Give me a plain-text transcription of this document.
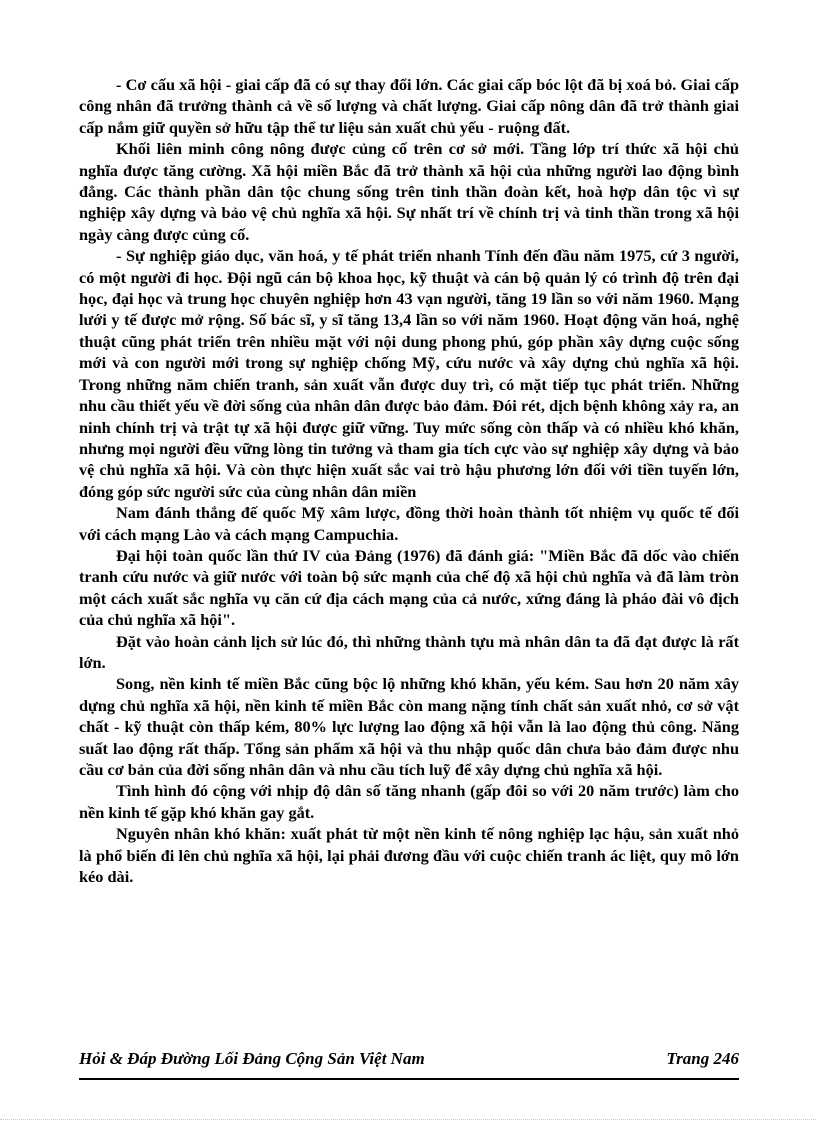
- Cơ cấu xã hội - giai cấp đã có sự thay đổi lớn. Các giai cấp bóc lột đã bị xoá bỏ. Giai cấp công nhân đã trưởng thành cả về số lượng và chất lượng. Giai cấp nông dân đã trở thành giai cấp nắm giữ quyền sở hữu tập thể tư liệu sản xuất chủ yếu - ruộng đất.

Khối liên minh công nông được củng cố trên cơ sở mới. Tầng lớp trí thức xã hội chủ nghĩa được tăng cường. Xã hội miền Bắc đã trở thành xã hội của những người lao động bình đẳng. Các thành phần dân tộc chung sống trên tinh thần đoàn kết, hoà hợp dân tộc vì sự nghiệp xây dựng và bảo vệ chủ nghĩa xã hội. Sự nhất trí về chính trị và tinh thần trong xã hội ngày càng được củng cố.

- Sự nghiệp giáo dục, văn hoá, y tế phát triển nhanh Tính đến đầu năm 1975, cứ 3 người, có một người đi học. Đội ngũ cán bộ khoa học, kỹ thuật và cán bộ quản lý có trình độ trên đại học, đại học và trung học chuyên nghiệp hơn 43 vạn người, tăng 19 lần so với năm 1960. Mạng lưới y tế được mở rộng. Số bác sĩ, y sĩ tăng 13,4 lần so với năm 1960. Hoạt động văn hoá, nghệ thuật cũng phát triển trên nhiều mặt với nội dung phong phú, góp phần xây dựng cuộc sống mới và con người mới trong sự nghiệp chống Mỹ, cứu nước và xây dựng chủ nghĩa xã hội. Trong những năm chiến tranh, sản xuất vẫn được duy trì, có mặt tiếp tục phát triển. Những nhu cầu thiết yếu về đời sống của nhân dân được bảo đảm. Đói rét, dịch bệnh không xảy ra, an ninh chính trị và trật tự xã hội được giữ vững. Tuy mức sống còn thấp và có nhiều khó khăn, nhưng mọi người đều vững lòng tin tưởng và tham gia tích cực vào sự nghiệp xây dựng và bảo vệ chủ nghĩa xã hội. Và còn thực hiện xuất sắc vai trò hậu phương lớn đối với tiền tuyến lớn, đóng góp sức người sức của cùng nhân dân miền

Nam đánh thắng đế quốc Mỹ xâm lược, đồng thời hoàn thành tốt nhiệm vụ quốc tế đối với cách mạng Lào và cách mạng Campuchia.

Đại hội toàn quốc lần thứ IV của Đảng (1976) đã đánh giá: "Miền Bắc đã dốc vào chiến tranh cứu nước và giữ nước với toàn bộ sức mạnh của chế độ xã hội chủ nghĩa và đã làm tròn một cách xuất sắc nghĩa vụ căn cứ địa cách mạng của cả nước, xứng đáng là pháo đài vô địch của chủ nghĩa xã hội".

Đặt vào hoàn cảnh lịch sử lúc đó, thì những thành tựu mà nhân dân ta đã đạt được là rất lớn.

Song, nền kinh tế miền Bắc cũng bộc lộ những khó khăn, yếu kém. Sau hơn 20 năm xây dựng chủ nghĩa xã hội, nền kinh tế miền Bắc còn mang nặng tính chất sản xuất nhỏ, cơ sở vật chất - kỹ thuật còn thấp kém, 80% lực lượng lao động xã hội vẫn là lao động thủ công. Năng suất lao động rất thấp. Tổng sản phẩm xã hội và thu nhập quốc dân chưa bảo đảm được nhu cầu cơ bản của đời sống nhân dân và nhu cầu tích luỹ để xây dựng chủ nghĩa xã hội.

Tình hình đó cộng với nhịp độ dân số tăng nhanh (gấp đôi so với 20 năm trước) làm cho nền kinh tế gặp khó khăn gay gắt.

Nguyên nhân khó khăn: xuất phát từ một nền kinh tế nông nghiệp lạc hậu, sản xuất nhỏ là phổ biến đi lên chủ nghĩa xã hội, lại phải đương đầu với cuộc chiến tranh ác liệt, quy mô lớn kéo dài.

Hỏi & Đáp Đường Lối Đảng Cộng Sản Việt Nam	Trang 246
